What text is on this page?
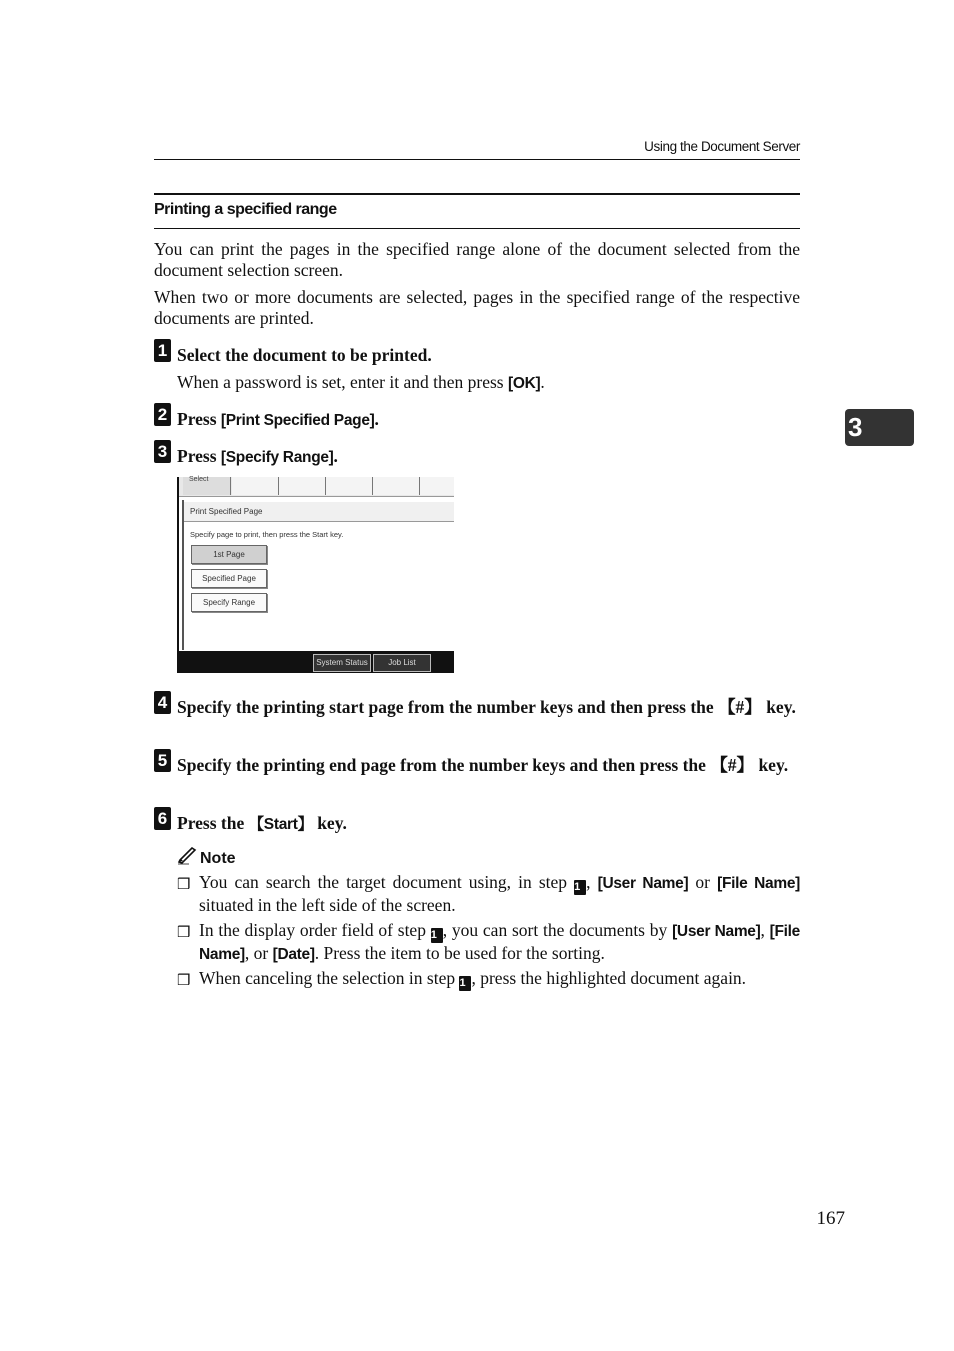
Using the Document Server
Printing a specified range
You can print the pages in the specified range alone of the document selected from the document selection screen.
When two or more documents are selected, pages in the specified range of the respective documents are printed.
3
1 Select the document to be printed.
When a password is set, enter it and then press [OK].
2 Press [Print Specified Page].
3 Press [Specify Range].
Select
Print Specified Page
Specify page to print, then press the Start key.
1st Page
Specified Page
Specify Range
System Status	Job List
4 Specify the printing start page from the number keys and then press the 【#】 key.
5 Specify the printing end page from the number keys and then press the 【#】 key.
6 Press the 【Start】 key.
Note
❒ You can search the target document using, in step 1 , [User Name] or [File Name] situated in the left side of the screen.
❒ In the display order field of step 1 , you can sort the documents by [User Name], [File Name], or [Date]. Press the item to be used for the sorting.
❒ When canceling the selection in step 1 , press the highlighted document again.
167
